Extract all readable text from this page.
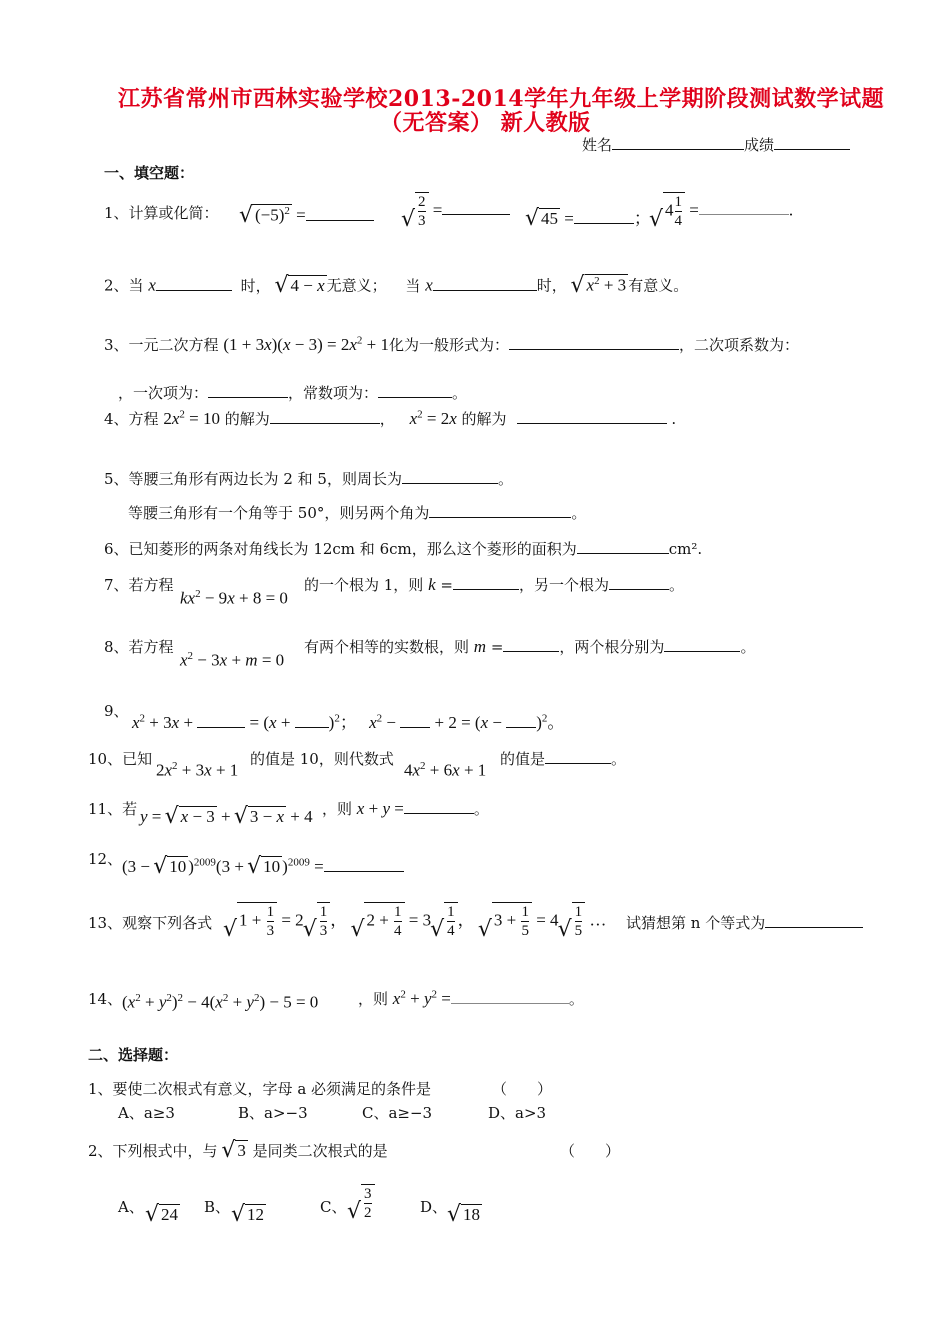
江苏省常州市西林实验学校2013-2014学年九年级上学期阶段测试数学试题
（无答案） 新人教版
姓名	成绩
一、填空题：
1、计算或化简：	√ $(-5)^2$ =	√ $\frac{2}{3}$ =	√ 45 =	； √ $4 \frac{1}{4}$ =	.
2、当 x	时， √ 4 − x 无意义； 当 x	时， √ $x^2 + 3$ 有意义。
3、一元二次方程 $(1 + 3x)(x - 3) = 2x^2 + 1$化为一般形式为：	，二次项系数为：
，一次项为：	，常数项为：	。
4、方程 $2x^2 = 10$ 的解为	， $x^2 = 2x$ 的解为	.
5、等腰三角形有两边长为 2 和 5，则周长为	。
等腰三角形有一个角等于 50°，则另两个角为	。
6、已知菱形的两条对角线长为 12cm 和 6cm，那么这个菱形的面积为	cm².
7、若方程
$kx^2 - 9x + 8 = 0$
的一个根为 1，则 k =	，另一个根为	。
8、若方程
$x^2 - 3x + m = 0$
有两个相等的实数根，则 m =	，两个根分别为	。
9、
$x^2 + 3x$ +	= $(x + )^2$； $x^2$ −  + $2 = (x - )^2$。
10、已知
$2x^2 + 3x + 1$
的值是 10，则代数式
$4x^2 + 6x + 1$
的值是	。
11、若 y = √ x − 3 + √ 3 − x + 4 ，则 x + y =	。
12、 (3 − √ 10 )$^{2009}$(3 + √ 10 )$^{2009}$ =
13、观察下列各式	√ $1 + \frac{1}{3} = 2$ √ $\frac{1}{3}$ ， √ $2 + \frac{1}{4} = 3$ √ $\frac{1}{4}$ ， √ $3 + \frac{1}{5} = 4$ √ $\frac{1}{5}$ … 试猜想第 n 个等式为
14、 $(x^2 + y^2)^2 - 4(x^2 + y^2) - 5 = 0$	，则 $x^2 + y^2$ =	。
二、选择题：
1、要使二次根式有意义，字母 a 必须满足的条件是	（　　）
A、a≥3	B、a>−3	C、a≥−3	D、a>3
2、下列根式中，与 √ 3 是同类二次根式的是	（　　）
A、	√ 24 B、 √ 12	C、 √ $\frac{3}{2}$	D、 √ 18
